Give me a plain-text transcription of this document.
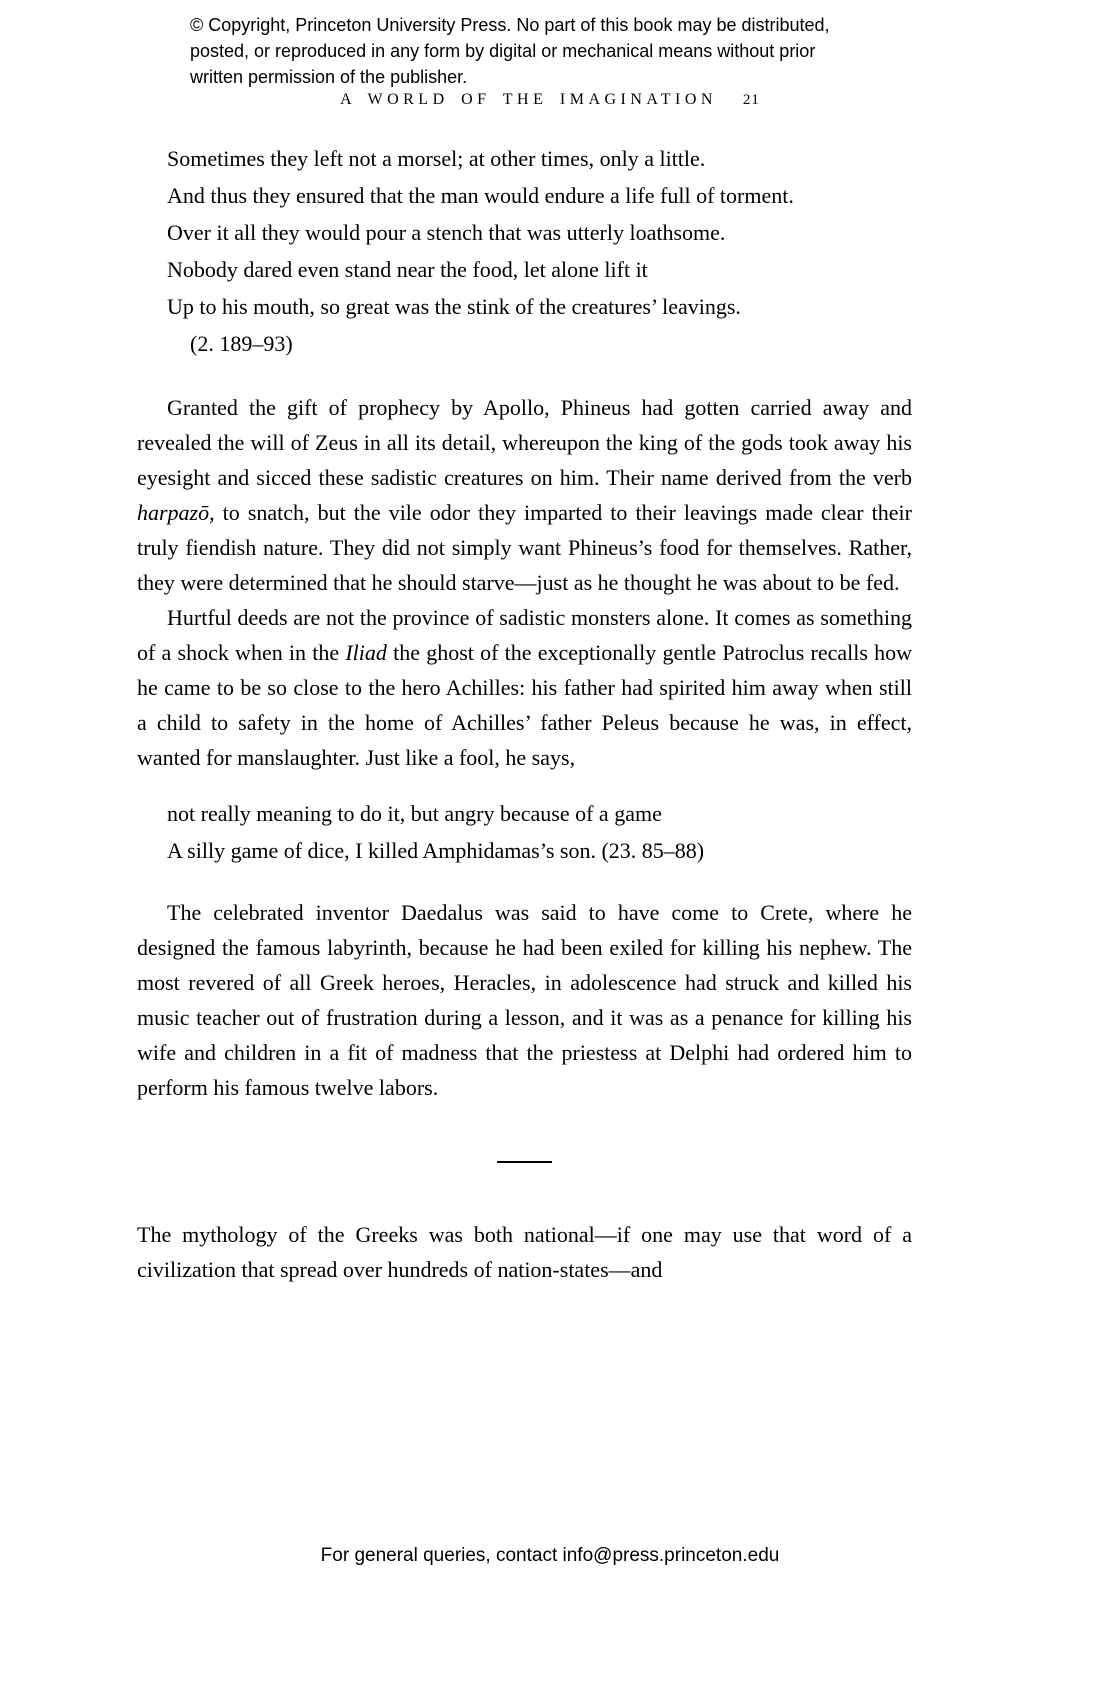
© Copyright, Princeton University Press. No part of this book may be distributed, posted, or reproduced in any form by digital or mechanical means without prior written permission of the publisher.

A WORLD OF THE IMAGINATION 21
Sometimes they left not a morsel; at other times, only a little.
And thus they ensured that the man would endure a life full of torment.
Over it all they would pour a stench that was utterly loathsome.
Nobody dared even stand near the food, let alone lift it
Up to his mouth, so great was the stink of the creatures’ leavings.
(2. 189–93)

Granted the gift of prophecy by Apollo, Phineus had gotten carried away and revealed the will of Zeus in all its detail, whereupon the king of the gods took away his eyesight and sicced these sadistic creatures on him. Their name derived from the verb harpazō, to snatch, but the vile odor they imparted to their leavings made clear their truly fiendish nature. They did not simply want Phineus’s food for themselves. Rather, they were determined that he should starve—just as he thought he was about to be fed.

Hurtful deeds are not the province of sadistic monsters alone. It comes as something of a shock when in the Iliad the ghost of the exceptionally gentle Patroclus recalls how he came to be so close to the hero Achilles: his father had spirited him away when still a child to safety in the home of Achilles’ father Peleus because he was, in effect, wanted for manslaughter. Just like a fool, he says,

not really meaning to do it, but angry because of a game
A silly game of dice, I killed Amphidamas’s son. (23. 85–88)

The celebrated inventor Daedalus was said to have come to Crete, where he designed the famous labyrinth, because he had been exiled for killing his nephew. The most revered of all Greek heroes, Heracles, in adolescence had struck and killed his music teacher out of frustration during a lesson, and it was as a penance for killing his wife and children in a fit of madness that the priestess at Delphi had ordered him to perform his famous twelve labors.

The mythology of the Greeks was both national—if one may use that word of a civilization that spread over hundreds of nation-states—and

For general queries, contact info@press.princeton.edu
